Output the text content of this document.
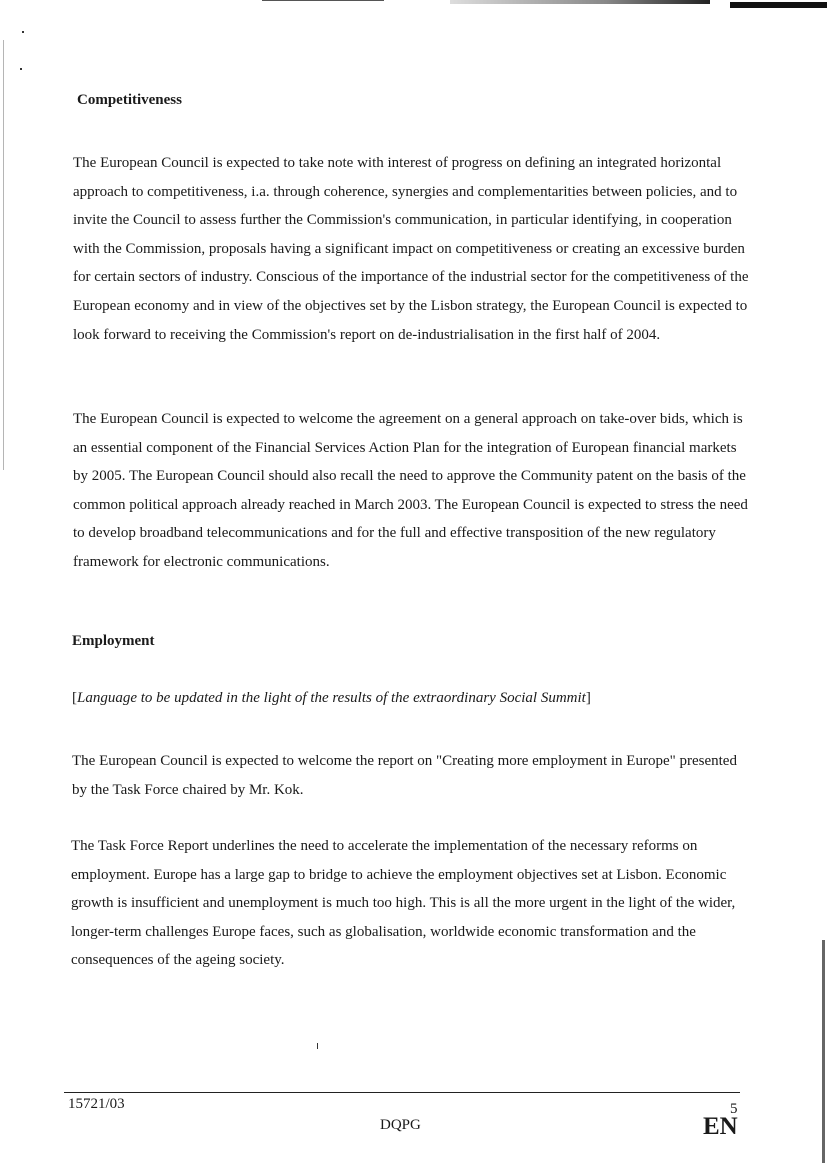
Competitiveness

The European Council is expected to take note with interest of progress on defining an integrated horizontal approach to competitiveness, i.a. through coherence, synergies and complementarities between policies, and to invite the Council to assess further the Commission's communication, in particular identifying, in cooperation with the Commission, proposals having a significant impact on competitiveness or creating an excessive burden for certain sectors of industry. Conscious of the importance of the industrial sector for the competitiveness of the European economy and in view of the objectives set by the Lisbon strategy, the European Council is expected to look forward to receiving the Commission's report on de-industrialisation in the first half of 2004.

The European Council is expected to welcome the agreement on a general approach on take-over bids, which is an essential component of the Financial Services Action Plan for the integration of European financial markets by 2005. The European Council should also recall the need to approve the Community patent on the basis of the common political approach already reached in March 2003. The European Council is expected to stress the need to develop broadband telecommunications and for the full and effective transposition of the new regulatory framework for electronic communications.

Employment

[Language to be updated in the light of the results of the extraordinary Social Summit]

The European Council is expected to welcome the report on "Creating more employment in Europe" presented by the Task Force chaired by Mr. Kok.

The Task Force Report underlines the need to accelerate the implementation of the necessary reforms on employment. Europe has a large gap to bridge to achieve the employment objectives set at Lisbon. Economic growth is insufficient and unemployment is much too high. This is all the more urgent in the light of the wider, longer-term challenges Europe faces, such as globalisation, worldwide economic transformation and the consequences of the ageing society.

15721/03
DQPG
5
EN
